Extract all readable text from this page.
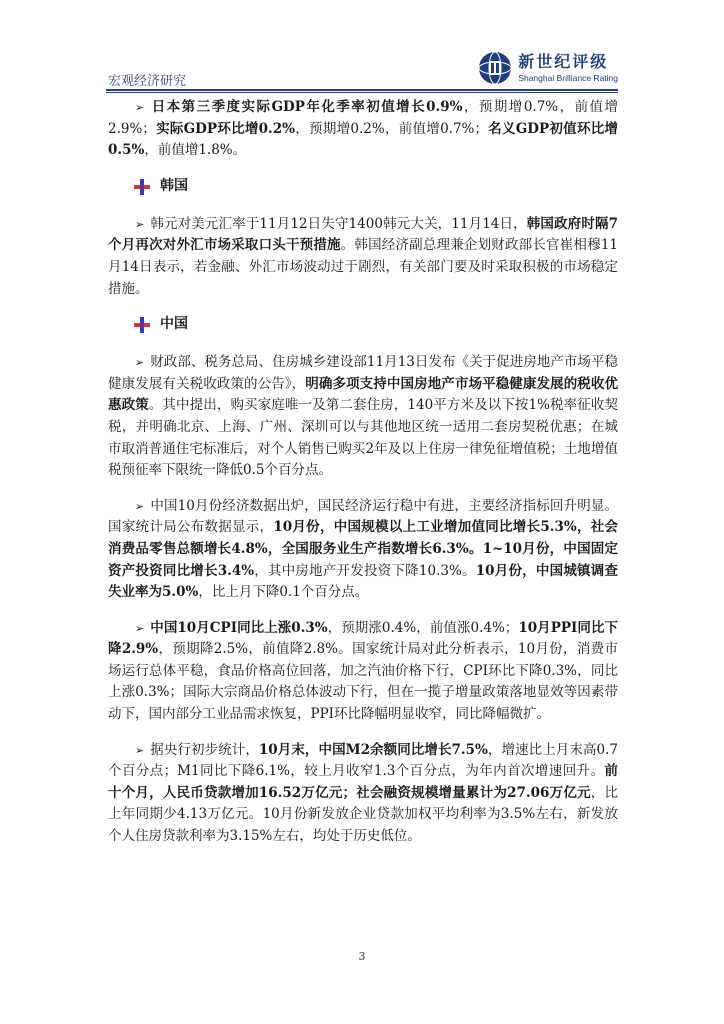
宏观经济研究
新世纪评级
Shanghai Brilliance Rating

➢ 日本第三季度实际GDP年化季率初值增长0.9%，预期增0.7%，前值增2.9%；实际GDP环比增0.2%，预期增0.2%，前值增0.7%；名义GDP初值环比增0.5%，前值增1.8%。

韩国

➢ 韩元对美元汇率于11月12日失守1400韩元大关，11月14日，韩国政府时隔7个月再次对外汇市场采取口头干预措施。韩国经济副总理兼企划财政部长官崔相穆11月14日表示，若金融、外汇市场波动过于剧烈，有关部门要及时采取积极的市场稳定措施。

中国

➢ 财政部、税务总局、住房城乡建设部11月13日发布《关于促进房地产市场平稳健康发展有关税收政策的公告》，明确多项支持中国房地产市场平稳健康发展的税收优惠政策。其中提出，购买家庭唯一及第二套住房，140平方米及以下按1%税率征收契税，并明确北京、上海、广州、深圳可以与其他地区统一适用二套房契税优惠；在城市取消普通住宅标准后，对个人销售已购买2年及以上住房一律免征增值税；土地增值税预征率下限统一降低0.5个百分点。

➢ 中国10月份经济数据出炉，国民经济运行稳中有进，主要经济指标回升明显。国家统计局公布数据显示，10月份，中国规模以上工业增加值同比增长5.3%，社会消费品零售总额增长4.8%，全国服务业生产指数增长6.3%。1~10月份，中国固定资产投资同比增长3.4%，其中房地产开发投资下降10.3%。10月份，中国城镇调查失业率为5.0%，比上月下降0.1个百分点。

➢ 中国10月CPI同比上涨0.3%，预期涨0.4%，前值涨0.4%；10月PPI同比下降2.9%，预期降2.5%，前值降2.8%。国家统计局对此分析表示，10月份，消费市场运行总体平稳，食品价格高位回落，加之汽油价格下行，CPI环比下降0.3%，同比上涨0.3%；国际大宗商品价格总体波动下行，但在一揽子增量政策落地显效等因素带动下，国内部分工业品需求恢复，PPI环比降幅明显收窄，同比降幅微扩。

➢ 据央行初步统计，10月末，中国M2余额同比增长7.5%，增速比上月末高0.7个百分点；M1同比下降6.1%，较上月收窄1.3个百分点，为年内首次增速回升。前十个月，人民币贷款增加16.52万亿元；社会融资规模增量累计为27.06万亿元，比上年同期少4.13万亿元。10月份新发放企业贷款加权平均利率为3.5%左右，新发放个人住房贷款利率为3.15%左右，均处于历史低位。

3
